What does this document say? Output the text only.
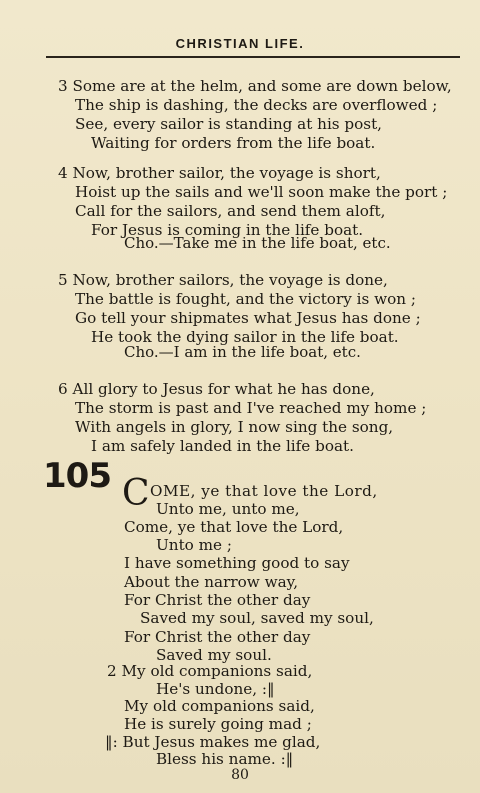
CHRISTIAN LIFE.
3 Some are at the helm, and some are down below,
The ship is dashing, the decks are overflowed ;
See, every sailor is standing at his post,
Waiting for orders from the life boat.
4 Now, brother sailor, the voyage is short,
Hoist up the sails and we'll soon make the port ;
Call for the sailors, and send them aloft,
For Jesus is coming in the life boat.
Cho.—Take me in the life boat, etc.
5 Now, brother sailors, the voyage is done,
The battle is fought, and the victory is won ;
Go tell your shipmates what Jesus has done ;
He took the dying sailor in the life boat.
Cho.—I am in the life boat, etc.
6 All glory to Jesus for what he has done,
The storm is past and I've reached my home ;
With angels in glory, I now sing the song,
I am safely landed in the life boat.
105 C OME, ye that love the Lord,
Unto me, unto me,
Come, ye that love the Lord,
Unto me ;
I have something good to say
About the narrow way,
For Christ the other day
Saved my soul, saved my soul,
For Christ the other day
Saved my soul.
2 My old companions said,
He's undone, :‖
My old companions said,
He is surely going mad ;
‖: But Jesus makes me glad,
80
Bless his name. :‖
